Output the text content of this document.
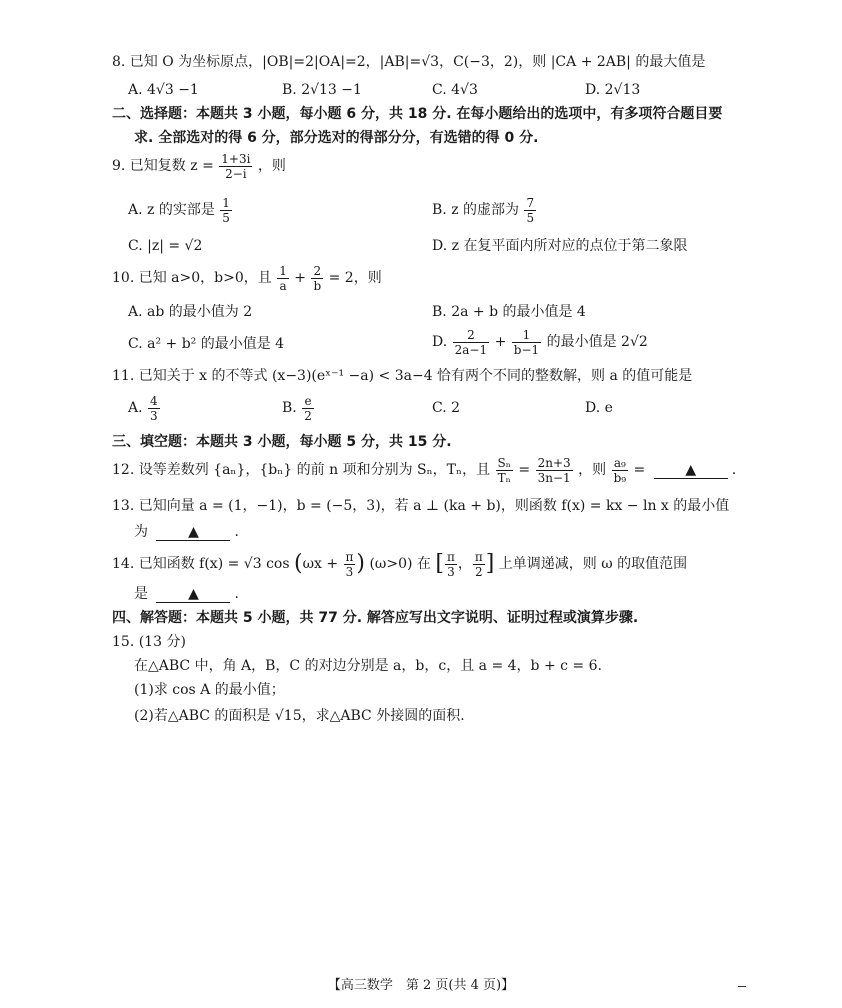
8. 已知 O 为坐标原点，|OB|=2|OA|=2，|AB|=√3，C(−3，2)，则 |CA + 2AB| 的最大值是
A. 4√3 −1	B. 2√13 −1	C. 4√3	D. 2√13
二、选择题：本题共 3 小题，每小题 6 分，共 18 分. 在每小题给出的选项中，有多项符合题目要
求. 全部选对的得 6 分，部分选对的得部分分，有选错的得 0 分.
9. 已知复数 $z = \frac{1+3i}{2-i}$ ，则
A. z 的实部是 $\frac{1}{5}$	B. z 的虚部为 $\frac{7}{5}$
C. |z| = √2	D. z 在复平面内所对应的点位于第二象限
10. 已知 a>0，b>0，且 $\frac{1}{a} + \frac{2}{b} = 2$，则
A. ab 的最小值为 2	B. 2a + b 的最小值是 4
C. a² + b² 的最小值是 4	D. $\frac{2}{2a-1} + \frac{1}{b-1}$ 的最小值是 2√2
11. 已知关于 x 的不等式 (x−3)(eˣ⁻¹ −a) < 3a−4 恰有两个不同的整数解，则 a 的值可能是
A. $\frac{4}{3}$	B. $\frac{e}{2}$	C. 2	D. e
三、填空题：本题共 3 小题，每小题 5 分，共 15 分.
12. 设等差数列 {aₙ}，{bₙ} 的前 n 项和分别为 Sₙ，Tₙ，且 $\frac{\text{Sₙ}}{\text{Tₙ}} = \frac{2n+3}{3n-1}$ ，则 $\frac{\text{a₉}}{\text{b₉}}$ =	▲	.
13. 已知向量 a = (1，−1)，b = (−5，3)，若 a ⊥ (ka + b)，则函数 f(x) = kx − ln x 的最小值
为	▲	.
14. 已知函数 f(x) = √3 $\cos (\omega x + \frac{\pi}{3}$ ) (ω>0) 在 [ $\frac{\pi}{3}$ ， $\frac{\pi}{2}$ ] 上单调递减，则 ω 的取值范围
是	▲	.
四、解答题：本题共 5 小题，共 77 分. 解答应写出文字说明、证明过程或演算步骤.
15. (13 分)
在△ABC 中，角 A，B，C 的对边分别是 a，b，c，且 a = 4，b + c = 6.
(1)求 cos A 的最小值；
(2)若△ABC 的面积是 √15，求△ABC 外接圆的面积.
【高三数学　第 2 页(共 4 页)】
